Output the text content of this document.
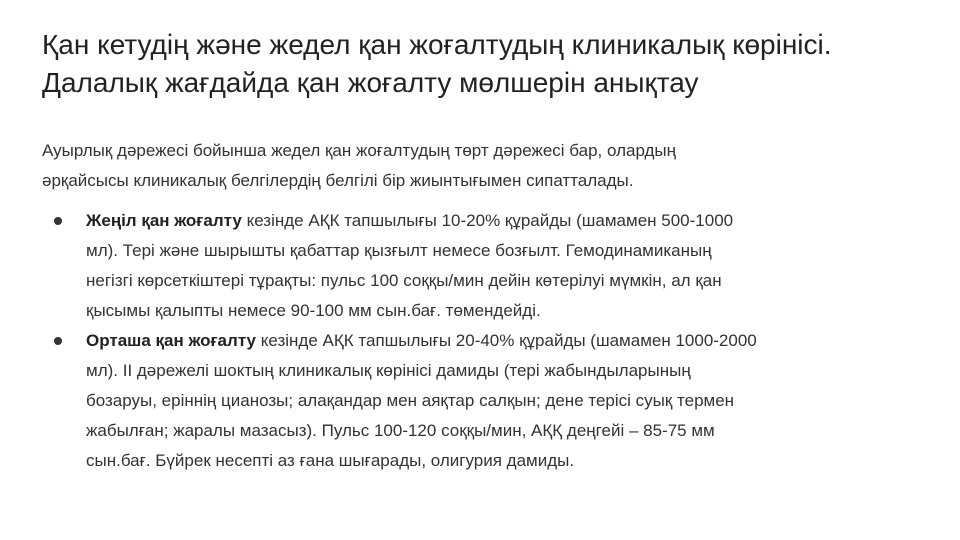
Қан кетудің және жедел қан жоғалтудың клиникалық көрінісі.
Далалық жағдайда қан жоғалту мөлшерін анықтау

Ауырлық дәрежесі бойынша жедел қан жоғалтудың төрт дәрежесі бар, олардың
әрқайсысы клиникалық белгілердің белгілі бір жиынтығымен сипатталады.

Жеңіл қан жоғалту кезінде АҚК тапшылығы 10-20% құрайды (шамамен 500-1000
мл). Тері және шырышты қабаттар қызғылт немесе бозғылт. Гемодинамиканың
негізгі көрсеткіштері тұрақты: пульс 100 соққы/мин дейін көтерілуі мүмкін, ал қан
қысымы қалыпты немесе 90-100 мм сын.бағ. төмендейді.
Орташа қан жоғалту кезінде АҚК тапшылығы 20-40% құрайды (шамамен 1000-2000
мл). II дәрежелі шоктың клиникалық көрінісі дамиды (тері жабындыларының
бозаруы, еріннің цианозы; алақандар мен аяқтар салқын; дене терісі суық термен
жабылған; жаралы мазасыз). Пульс 100-120 соққы/мин, АҚҚ деңгейі – 85-75 мм
сын.бағ. Бүйрек несепті аз ғана шығарады, олигурия дамиды.
